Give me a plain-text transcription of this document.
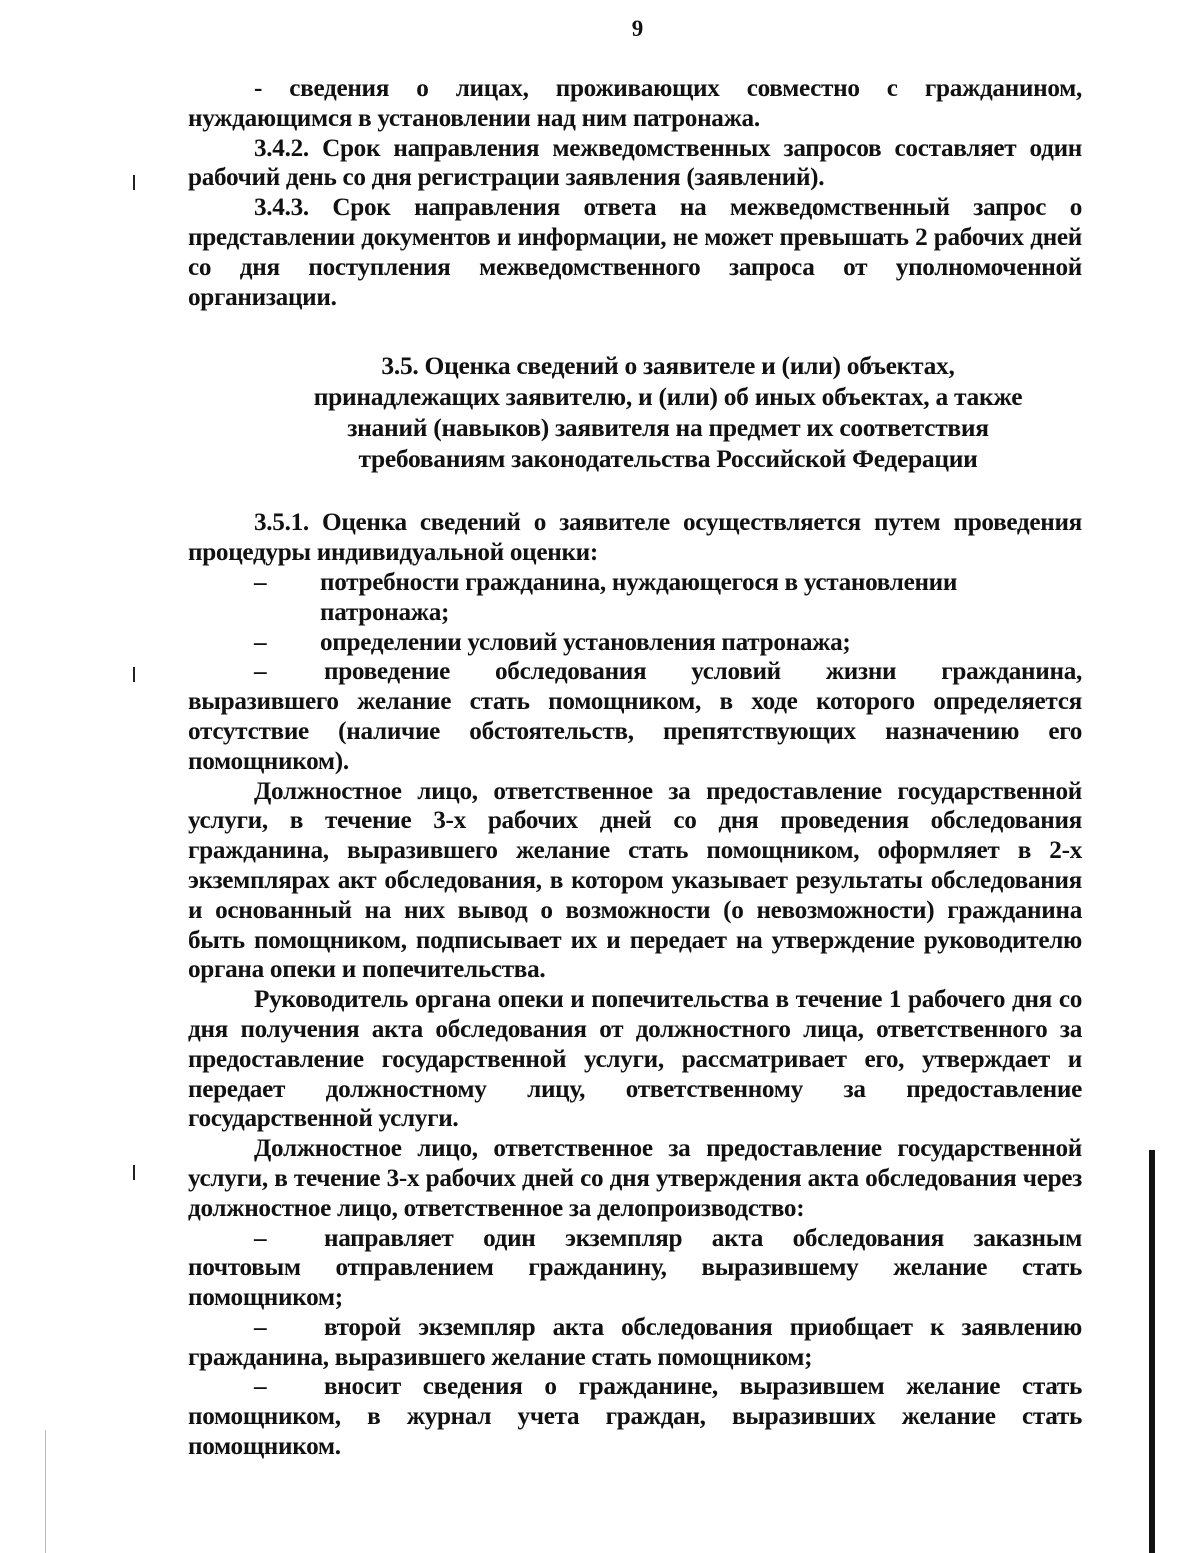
9

- сведения о лицах, проживающих совместно с гражданином, нуждающимся в установлении над ним патронажа.

3.4.2. Срок направления межведомственных запросов составляет один рабочий день со дня регистрации заявления (заявлений).

3.4.3. Срок направления ответа на межведомственный запрос о представлении документов и информации, не может превышать 2 рабочих дней со дня поступления межведомственного запроса от уполномоченной организации.

3.5. Оценка сведений о заявителе и (или) объектах,
принадлежащих заявителю, и (или) об иных объектах, а также
знаний (навыков) заявителя на предмет их соответствия
требованиям законодательства Российской Федерации

3.5.1. Оценка сведений о заявителе осуществляется путем проведения процедуры индивидуальной оценки:

–	потребности гражданина, нуждающегося в установлении патронажа;
–	определении условий установления патронажа;

– проведение обследования условий жизни гражданина, выразившего желание стать помощником, в ходе которого определяется отсутствие (наличие обстоятельств, препятствующих назначению его помощником).

Должностное лицо, ответственное за предоставление государственной услуги, в течение 3-х рабочих дней со дня проведения обследования гражданина, выразившего желание стать помощником, оформляет в 2-х экземплярах акт обследования, в котором указывает результаты обследования и основанный на них вывод о возможности (о невозможности) гражданина быть помощником, подписывает их и передает на утверждение руководителю органа опеки и попечительства.

Руководитель органа опеки и попечительства в течение 1 рабочего дня со дня получения акта обследования от должностного лица, ответственного за предоставление государственной услуги, рассматривает его, утверждает и передает должностному лицу, ответственному за предоставление государственной услуги.

Должностное лицо, ответственное за предоставление государственной услуги, в течение 3-х рабочих дней со дня утверждения акта обследования через должностное лицо, ответственное за делопроизводство:

– направляет один экземпляр акта обследования заказным почтовым отправлением гражданину, выразившему желание стать помощником;

– второй экземпляр акта обследования приобщает к заявлению гражданина, выразившего желание стать помощником;

– вносит сведения о гражданине, выразившем желание стать помощником, в журнал учета граждан, выразивших желание стать помощником.
